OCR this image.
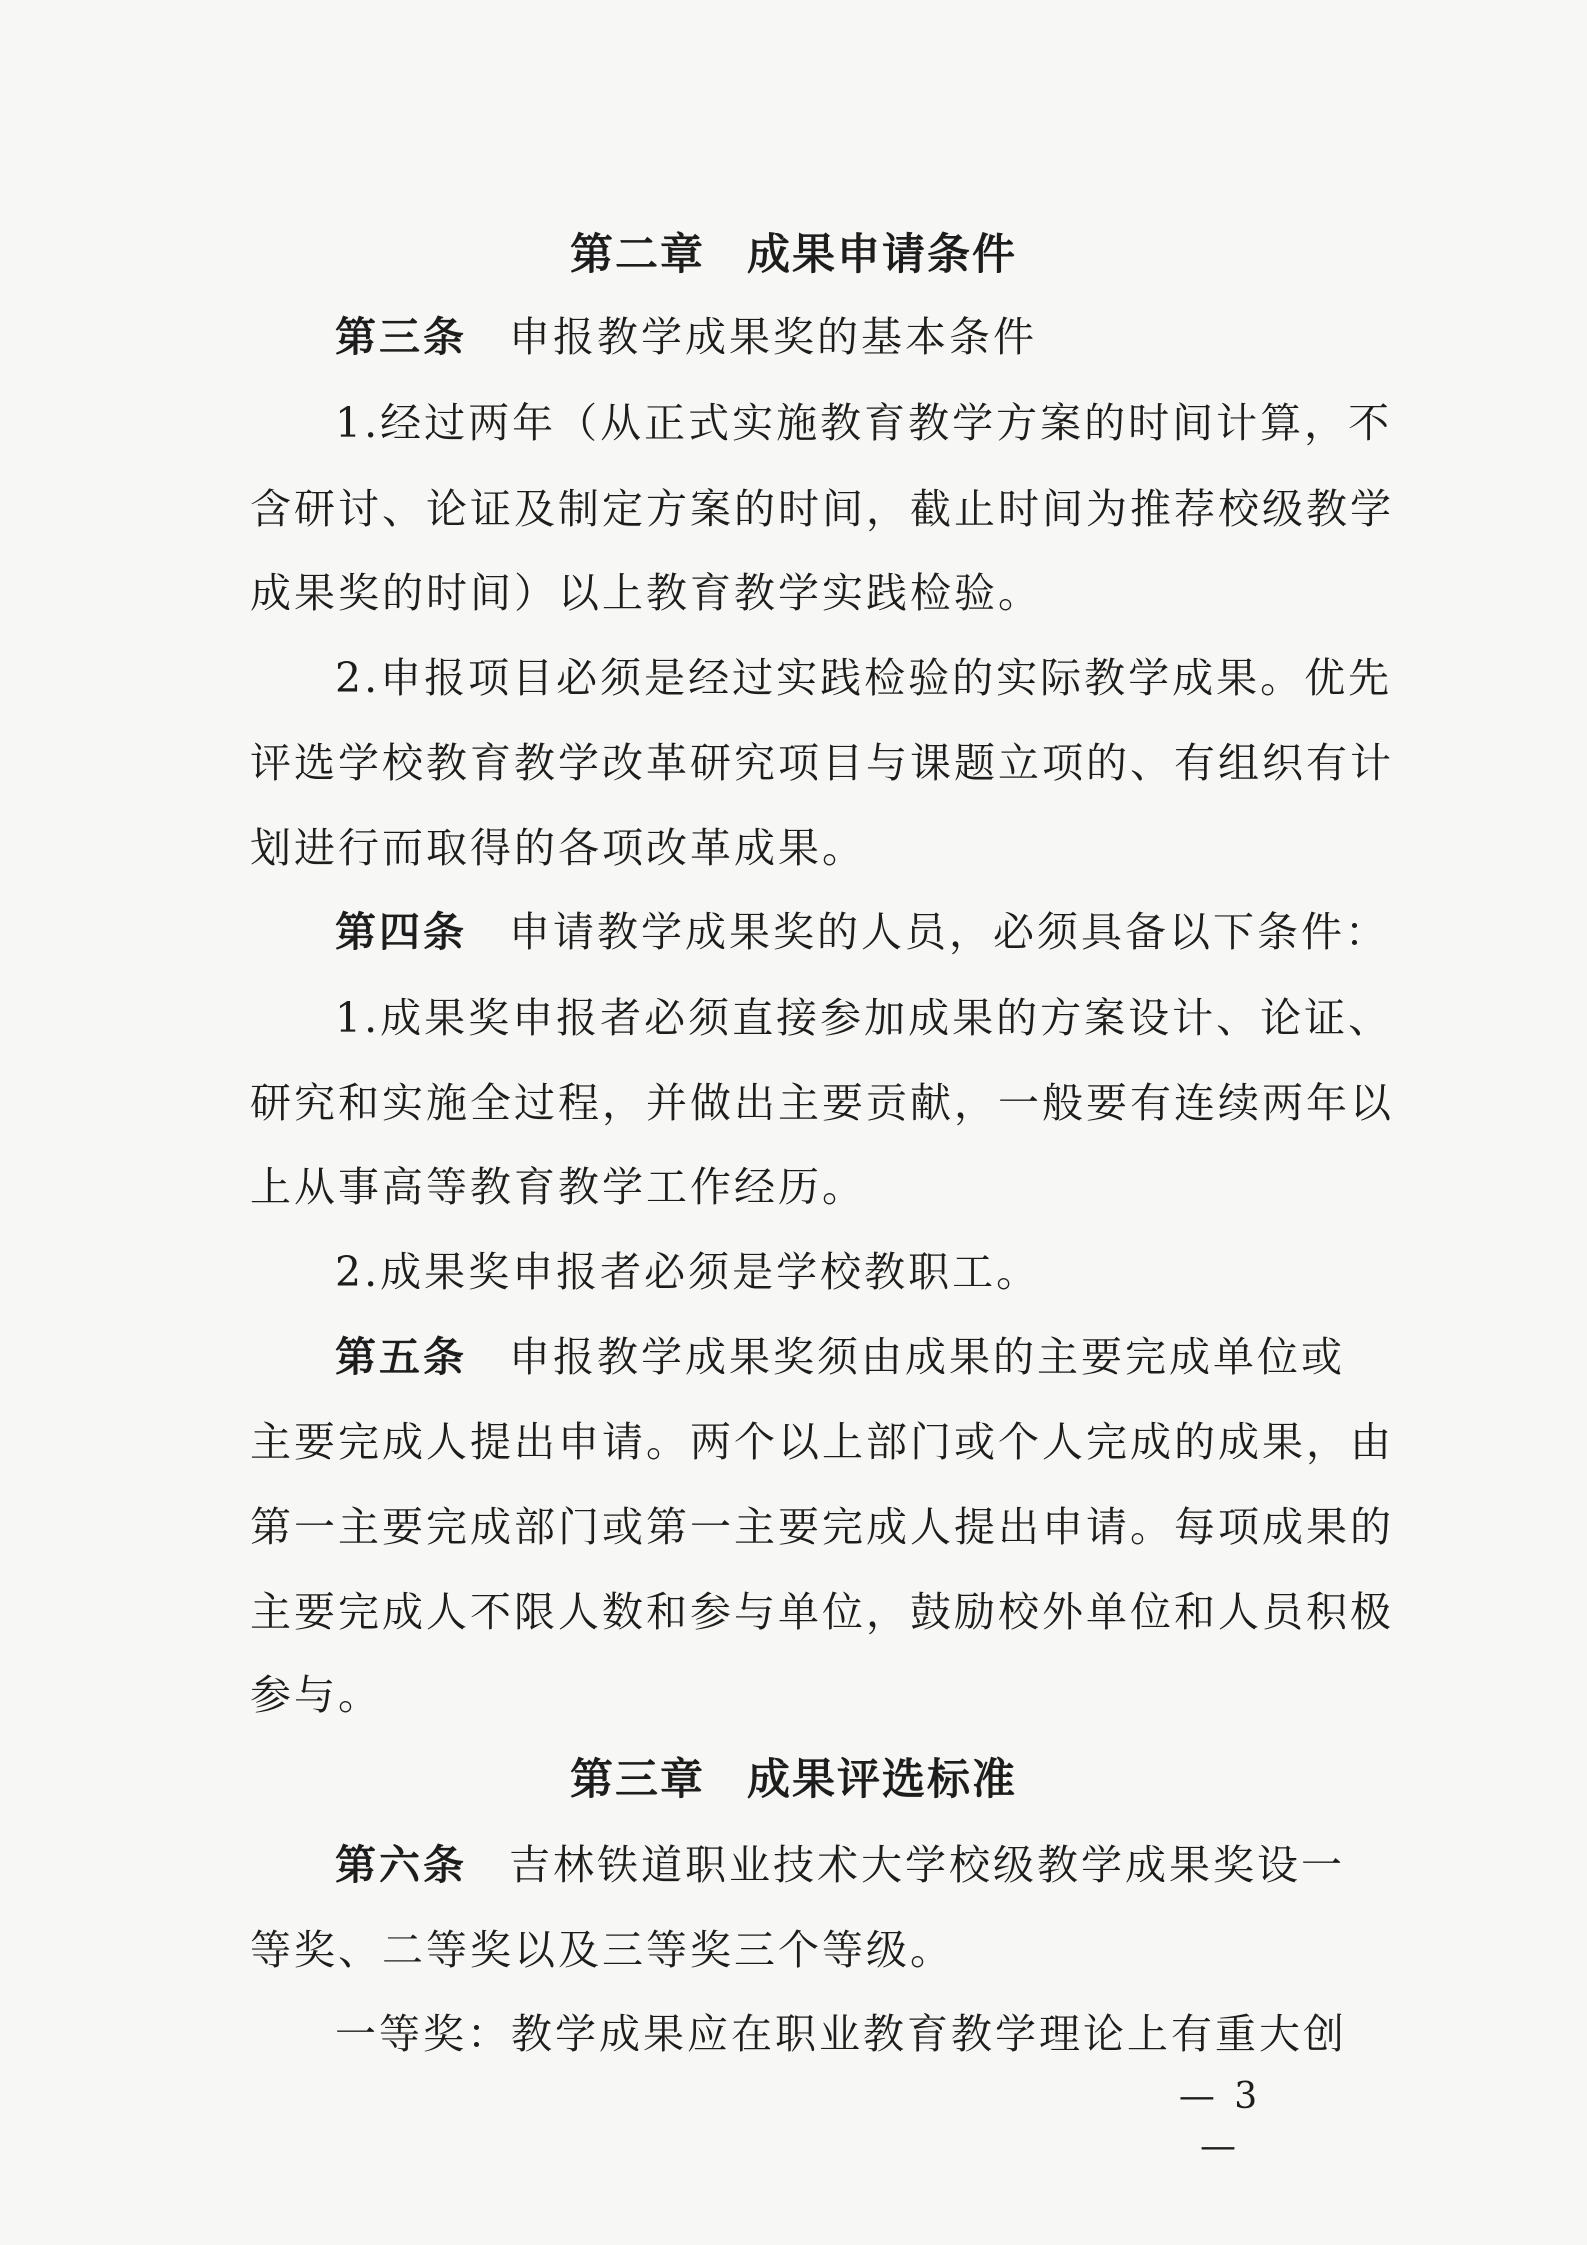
第二章 成果申请条件
第三条 申报教学成果奖的基本条件
1.经过两年（从正式实施教育教学方案的时间计算，不
含研讨、论证及制定方案的时间，截止时间为推荐校级教学
成果奖的时间）以上教育教学实践检验。
2.申报项目必须是经过实践检验的实际教学成果。优先
评选学校教育教学改革研究项目与课题立项的、有组织有计
划进行而取得的各项改革成果。
第四条 申请教学成果奖的人员，必须具备以下条件：
1.成果奖申报者必须直接参加成果的方案设计、论证、
研究和实施全过程，并做出主要贡献，一般要有连续两年以
上从事高等教育教学工作经历。
2.成果奖申报者必须是学校教职工。
第五条 申报教学成果奖须由成果的主要完成单位或
主要完成人提出申请。两个以上部门或个人完成的成果，由
第一主要完成部门或第一主要完成人提出申请。每项成果的
主要完成人不限人数和参与单位，鼓励校外单位和人员积极
参与。
第三章 成果评选标准
第六条 吉林铁道职业技术大学校级教学成果奖设一
等奖、二等奖以及三等奖三个等级。
一等奖：教学成果应在职业教育教学理论上有重大创
— 3 —
